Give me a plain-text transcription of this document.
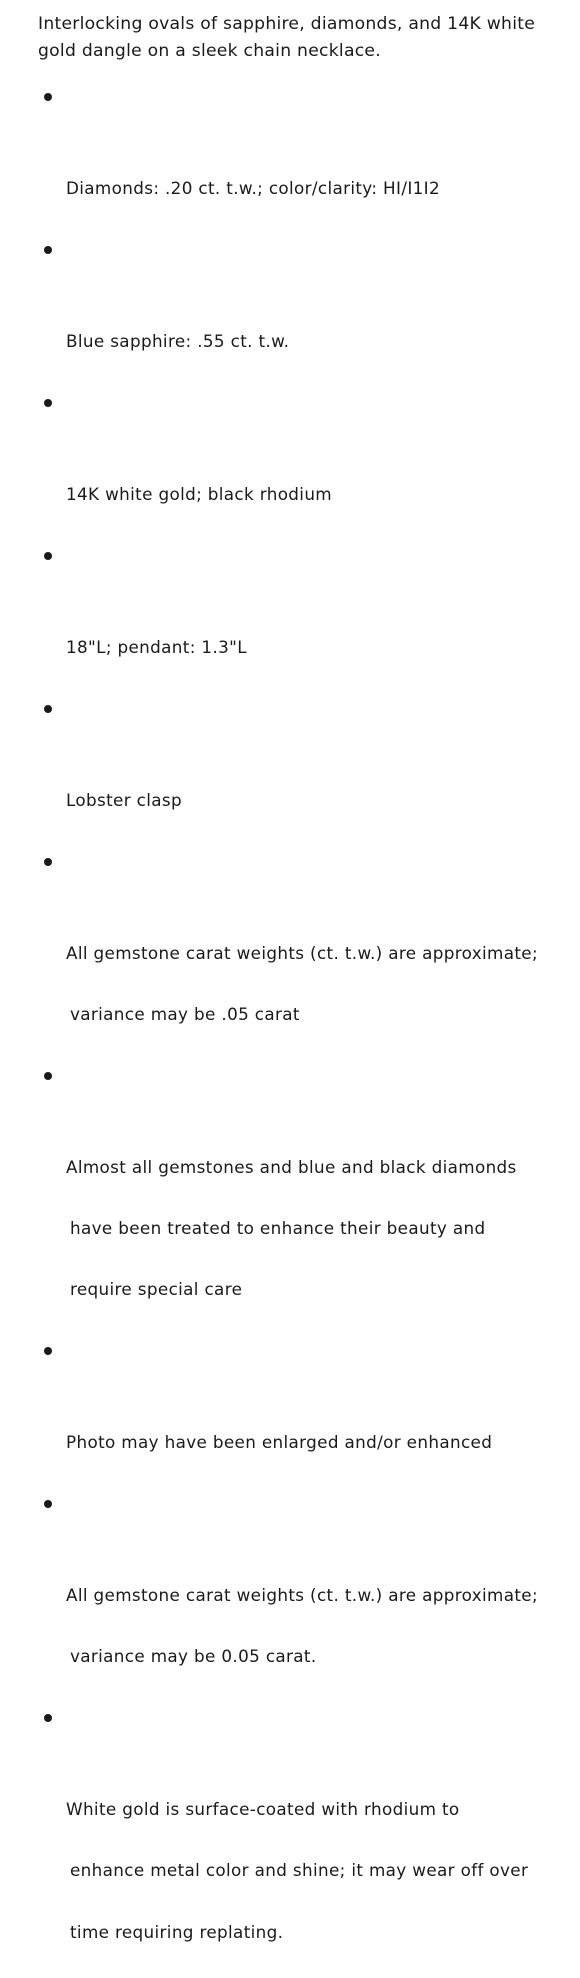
Interlocking ovals of sapphire, diamonds, and 14K white
gold dangle on a sleek chain necklace.

Diamonds: .20 ct. t.w.; color/clarity: HI/I1I2

Blue sapphire: .55 ct. t.w.

14K white gold; black rhodium

18"L; pendant: 1.3"L

Lobster clasp

All gemstone carat weights (ct. t.w.) are approximate;

variance may be .05 carat

Almost all gemstones and blue and black diamonds

have been treated to enhance their beauty and

require special care

Photo may have been enlarged and/or enhanced

All gemstone carat weights (ct. t.w.) are approximate;

variance may be 0.05 carat.

White gold is surface-coated with rhodium to

enhance metal color and shine; it may wear off over

time requiring replating.
